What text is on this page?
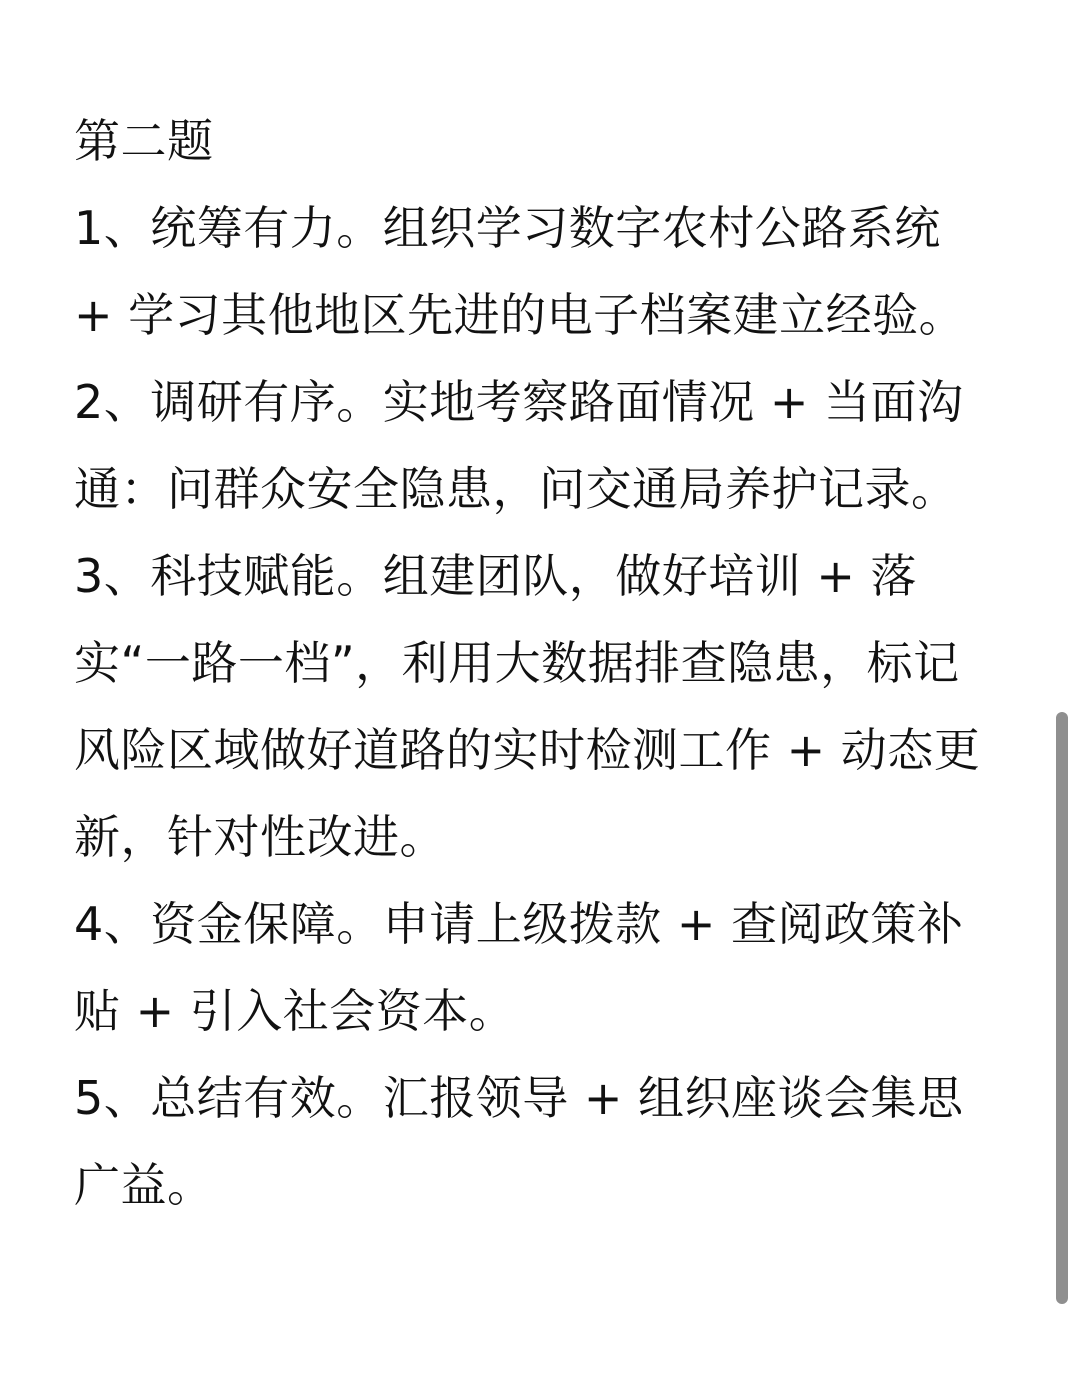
第二题
1、统筹有力。组织学习数字农村公路系统
+ 学习其他地区先进的电子档案建立经验。
2、调研有序。实地考察路面情况 + 当面沟
通：问群众安全隐患，问交通局养护记录。
3、科技赋能。组建团队，做好培训 + 落
实“一路一档”，利用大数据排查隐患，标记
风险区域做好道路的实时检测工作 + 动态更
新，针对性改进。
4、资金保障。申请上级拨款 + 查阅政策补
贴 + 引入社会资本。
5、总结有效。汇报领导 + 组织座谈会集思
广益。
